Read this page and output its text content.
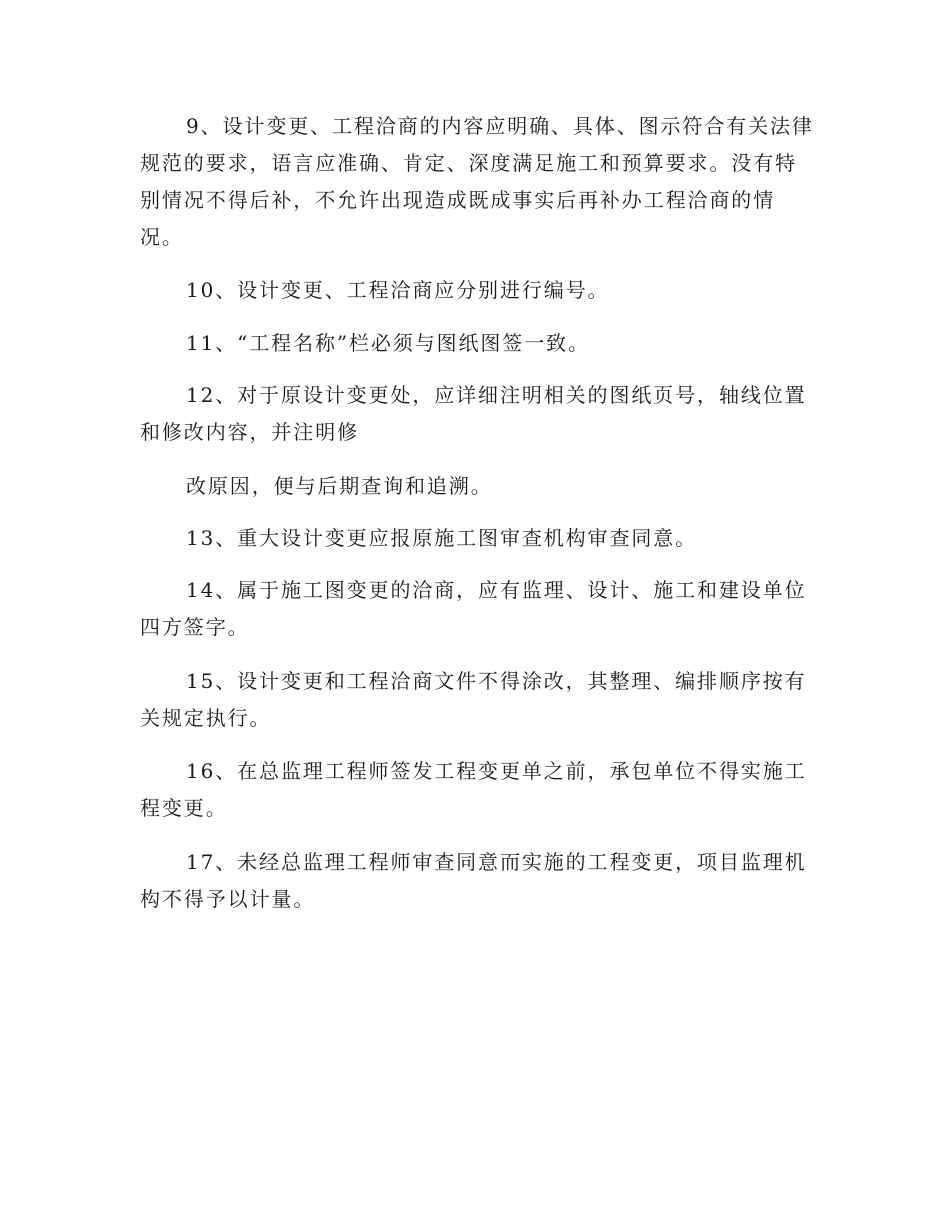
9、设计变更、工程洽商的内容应明确、具体、图示符合有关法律
规范的要求，语言应准确、肯定、深度满足施工和预算要求。没有特
别情况不得后补，不允许出现造成既成事实后再补办工程洽商的情
况。
10、设计变更、工程洽商应分别进行编号。
11、“工程名称”栏必须与图纸图签一致。
12、对于原设计变更处，应详细注明相关的图纸页号，轴线位置
和修改内容，并注明修
改原因，便与后期查询和追溯。
13、重大设计变更应报原施工图审查机构审查同意。
14、属于施工图变更的洽商，应有监理、设计、施工和建设单位
四方签字。
15、设计变更和工程洽商文件不得涂改，其整理、编排顺序按有
关规定执行。
16、在总监理工程师签发工程变更单之前，承包单位不得实施工
程变更。
17、未经总监理工程师审查同意而实施的工程变更，项目监理机
构不得予以计量。
